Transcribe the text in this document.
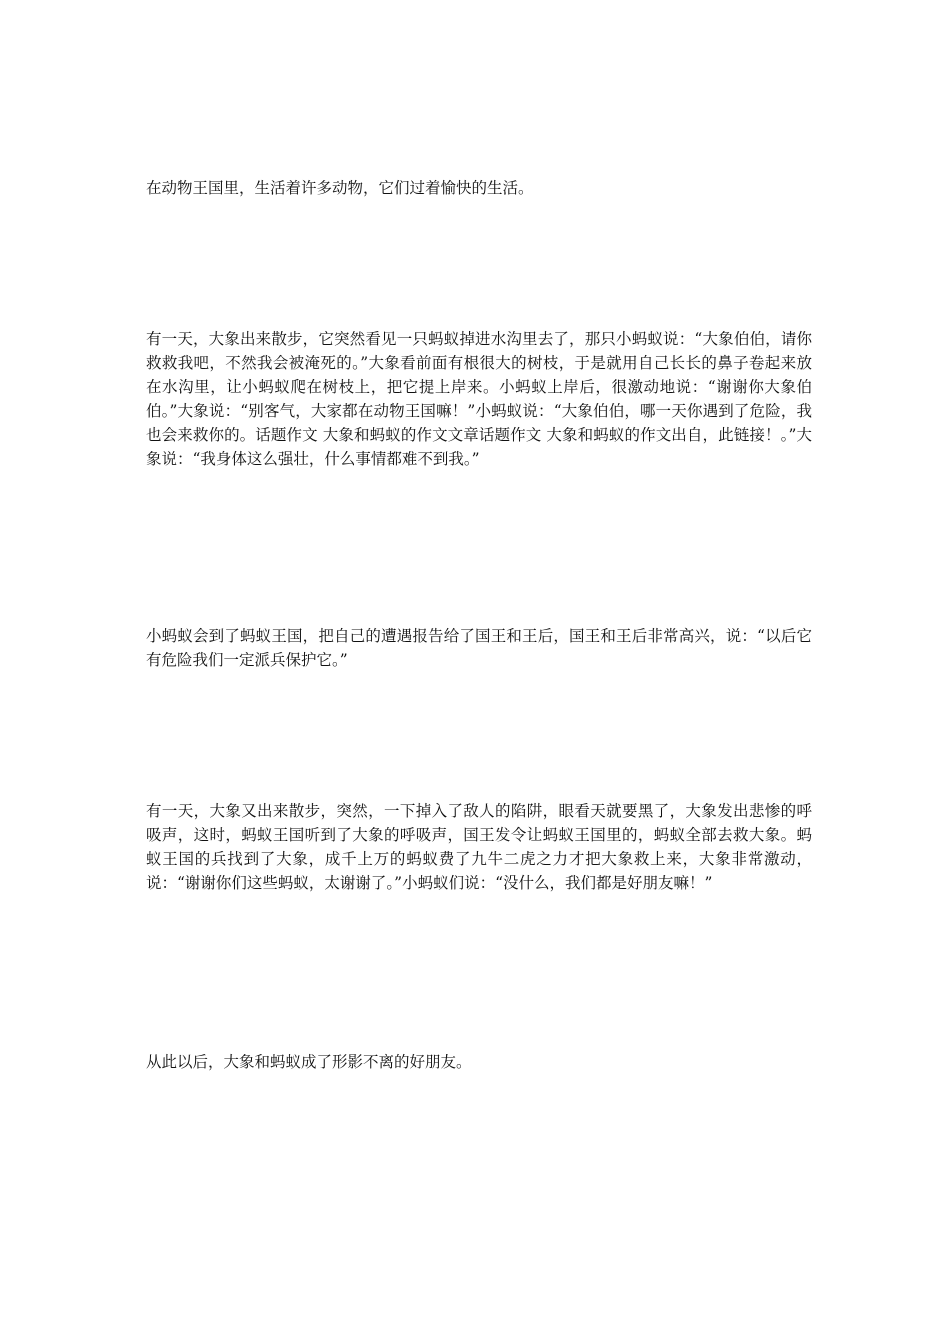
在动物王国里，生活着许多动物，它们过着愉快的生活。

有一天，大象出来散步，它突然看见一只蚂蚁掉进水沟里去了，那只小蚂蚁说：“大象伯伯，请你救救我吧，不然我会被淹死的。”大象看前面有根很大的树枝，于是就用自己长长的鼻子卷起来放在水沟里，让小蚂蚁爬在树枝上，把它提上岸来。小蚂蚁上岸后，很激动地说：“谢谢你大象伯伯。”大象说：“别客气，大家都在动物王国嘛！”小蚂蚁说：“大象伯伯，哪一天你遇到了危险，我也会来救你的。话题作文 大象和蚂蚁的作文文章话题作文 大象和蚂蚁的作文出自，此链接！。”大象说：“我身体这么强壮，什么事情都难不到我。”

小蚂蚁会到了蚂蚁王国，把自己的遭遇报告给了国王和王后，国王和王后非常高兴，说：“以后它有危险我们一定派兵保护它。”

有一天，大象又出来散步，突然，一下掉入了敌人的陷阱，眼看天就要黑了，大象发出悲惨的呼吸声，这时，蚂蚁王国听到了大象的呼吸声，国王发令让蚂蚁王国里的，蚂蚁全部去救大象。蚂蚁王国的兵找到了大象，成千上万的蚂蚁费了九牛二虎之力才把大象救上来，大象非常激动，说：“谢谢你们这些蚂蚁，太谢谢了。”小蚂蚁们说：“没什么，我们都是好朋友嘛！”

从此以后，大象和蚂蚁成了形影不离的好朋友。
